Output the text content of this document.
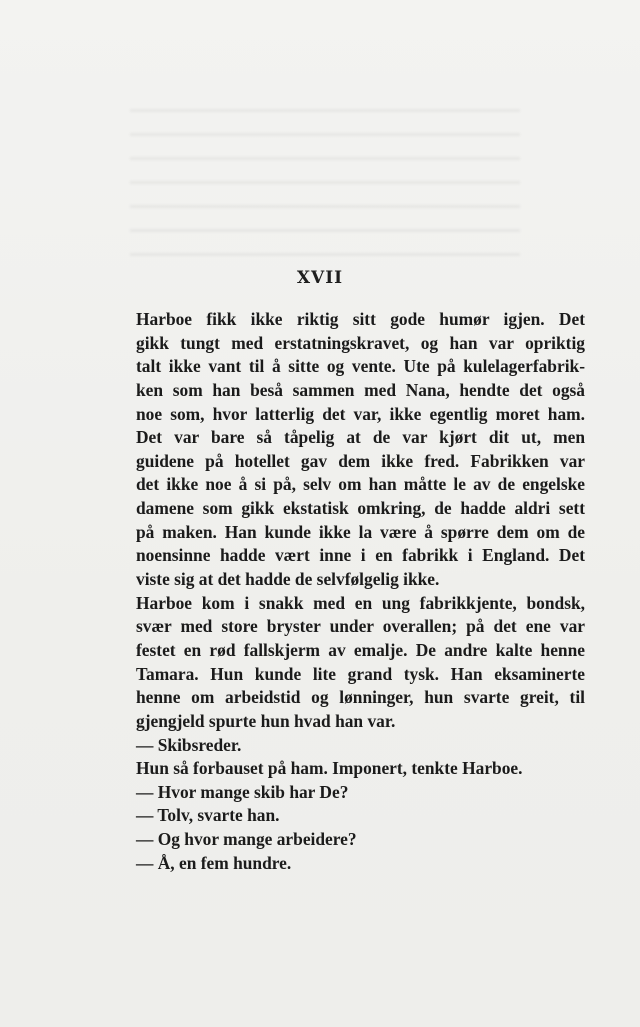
XVII
Harboe fikk ikke riktig sitt gode humør igjen. Det
gikk tungt med erstatningskravet, og han var opriktig
talt ikke vant til å sitte og vente. Ute på kulelagerfabrik-
ken som han beså sammen med Nana, hendte det også
noe som, hvor latterlig det var, ikke egentlig moret ham.
Det var bare så tåpelig at de var kjørt dit ut, men
guidene på hotellet gav dem ikke fred. Fabrikken var
det ikke noe å si på, selv om han måtte le av de engelske
damene som gikk ekstatisk omkring, de hadde aldri sett
på maken. Han kunde ikke la være å spørre dem om de
noensinne hadde vært inne i en fabrikk i England. Det
viste sig at det hadde de selvfølgelig ikke.
Harboe kom i snakk med en ung fabrikkjente, bondsk,
svær med store bryster under overallen; på det ene var
festet en rød fallskjerm av emalje. De andre kalte henne
Tamara. Hun kunde lite grand tysk. Han eksaminerte
henne om arbeidstid og lønninger, hun svarte greit, til
gjengjeld spurte hun hvad han var.
— Skibsreder.
Hun så forbauset på ham. Imponert, tenkte Harboe.
— Hvor mange skib har De?
— Tolv, svarte han.
— Og hvor mange arbeidere?
— Å, en fem hundre.
